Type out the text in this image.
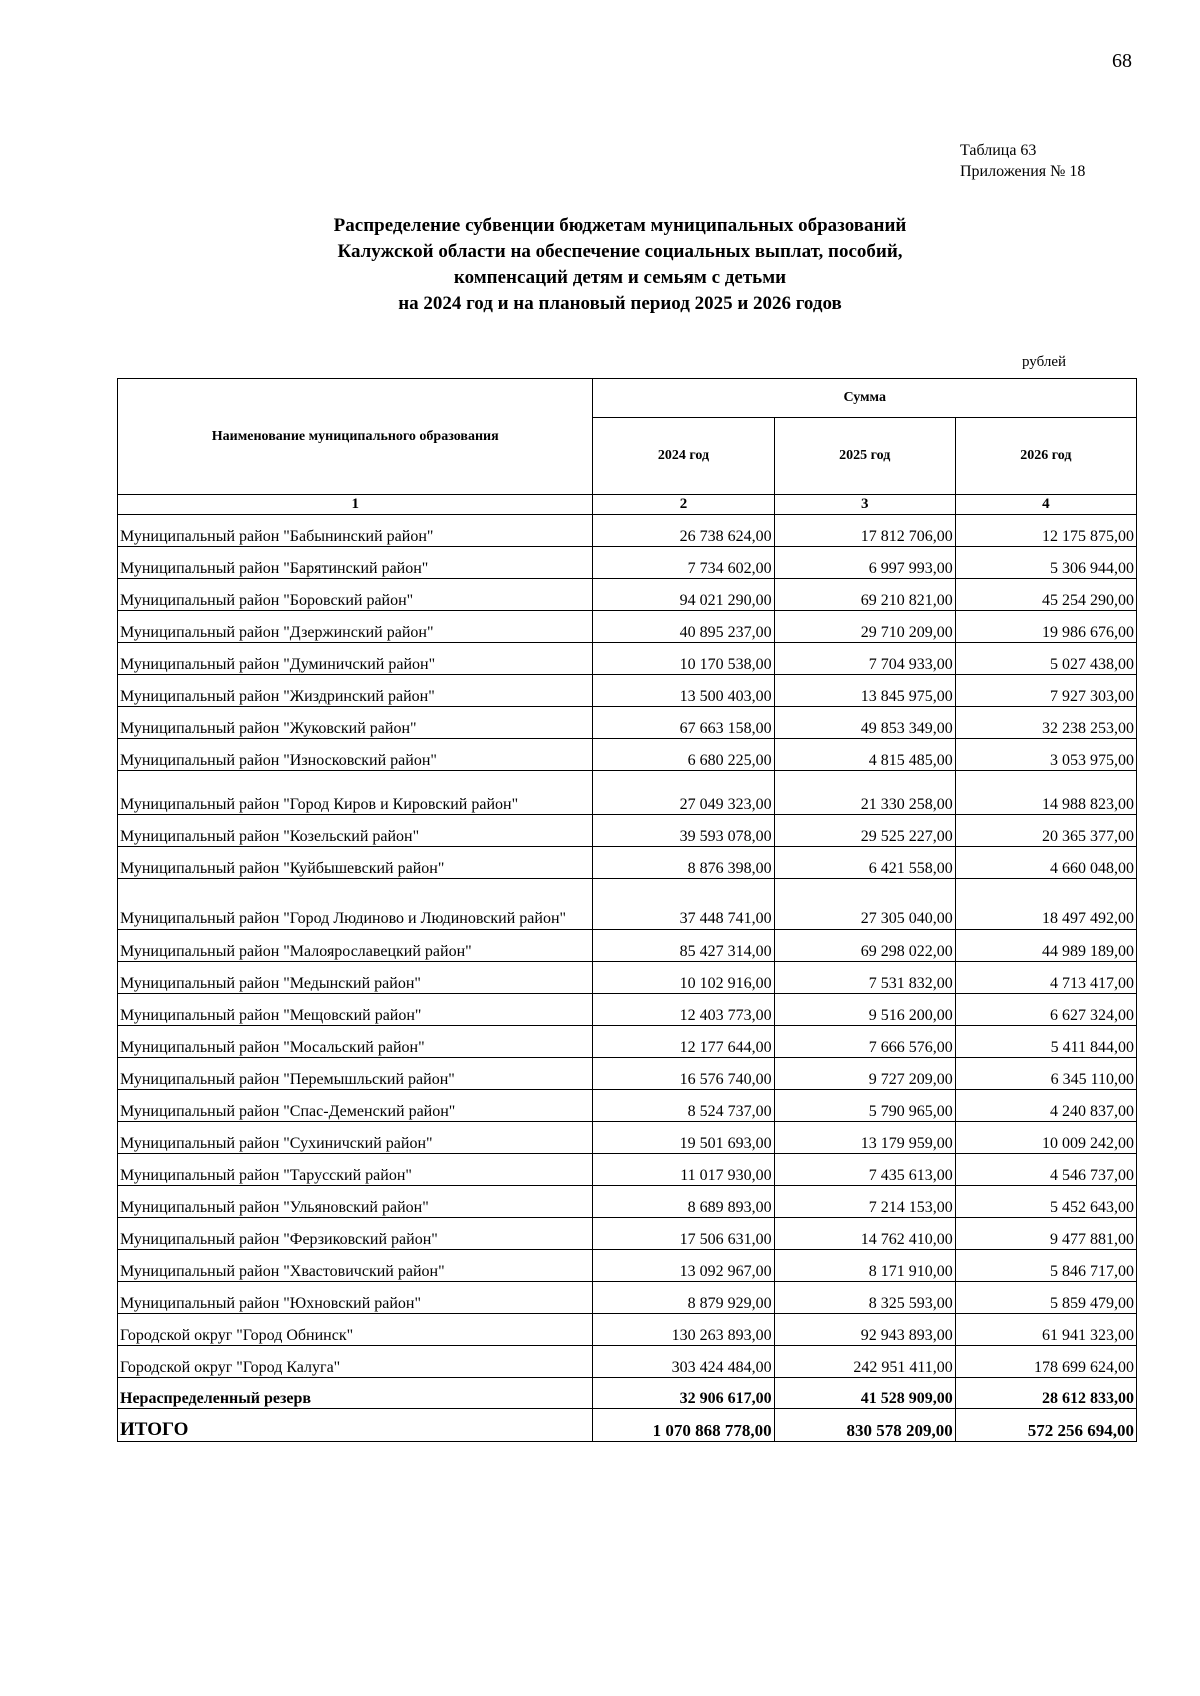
68
Таблица 63
Приложения № 18
Распределение субвенции бюджетам муниципальных образований
Калужской области на обеспечение социальных выплат, пособий,
компенсаций детям и семьям с детьми
на 2024 год и на плановый период 2025 и 2026 годов
рублей
Наименование муниципального образования	Сумма		
	2024 год	2025 год	2026 год
1	2	3	4
Муниципальный район "Бабынинский район"	26 738 624,00	17 812 706,00	12 175 875,00
Муниципальный район "Барятинский район"	7 734 602,00	6 997 993,00	5 306 944,00
Муниципальный район "Боровский район"	94 021 290,00	69 210 821,00	45 254 290,00
Муниципальный район "Дзержинский район"	40 895 237,00	29 710 209,00	19 986 676,00
Муниципальный район "Думиничский район"	10 170 538,00	7 704 933,00	5 027 438,00
Муниципальный район "Жиздринский район"	13 500 403,00	13 845 975,00	7 927 303,00
Муниципальный район "Жуковский район"	67 663 158,00	49 853 349,00	32 238 253,00
Муниципальный район "Износковский район"	6 680 225,00	4 815 485,00	3 053 975,00
Муниципальный район "Город Киров и Кировский район"	27 049 323,00	21 330 258,00	14 988 823,00
Муниципальный район "Козельский район"	39 593 078,00	29 525 227,00	20 365 377,00
Муниципальный район "Куйбышевский район"	8 876 398,00	6 421 558,00	4 660 048,00
Муниципальный район "Город Людиново и Людиновский район"	37 448 741,00	27 305 040,00	18 497 492,00
Муниципальный район "Малоярославецкий район"	85 427 314,00	69 298 022,00	44 989 189,00
Муниципальный район "Медынский район"	10 102 916,00	7 531 832,00	4 713 417,00
Муниципальный район "Мещовский район"	12 403 773,00	9 516 200,00	6 627 324,00
Муниципальный район "Мосальский район"	12 177 644,00	7 666 576,00	5 411 844,00
Муниципальный район "Перемышльский район"	16 576 740,00	9 727 209,00	6 345 110,00
Муниципальный район "Спас-Деменский район"	8 524 737,00	5 790 965,00	4 240 837,00
Муниципальный район "Сухиничский район"	19 501 693,00	13 179 959,00	10 009 242,00
Муниципальный район "Тарусский район"	11 017 930,00	7 435 613,00	4 546 737,00
Муниципальный район "Ульяновский район"	8 689 893,00	7 214 153,00	5 452 643,00
Муниципальный район "Ферзиковский район"	17 506 631,00	14 762 410,00	9 477 881,00
Муниципальный район "Хвастовичский район"	13 092 967,00	8 171 910,00	5 846 717,00
Муниципальный район "Юхновский район"	8 879 929,00	8 325 593,00	5 859 479,00
Городской округ "Город Обнинск"	130 263 893,00	92 943 893,00	61 941 323,00
Городской округ "Город Калуга"	303 424 484,00	242 951 411,00	178 699 624,00
Нераспределенный резерв	32 906 617,00	41 528 909,00	28 612 833,00
ИТОГО	1 070 868 778,00	830 578 209,00	572 256 694,00
